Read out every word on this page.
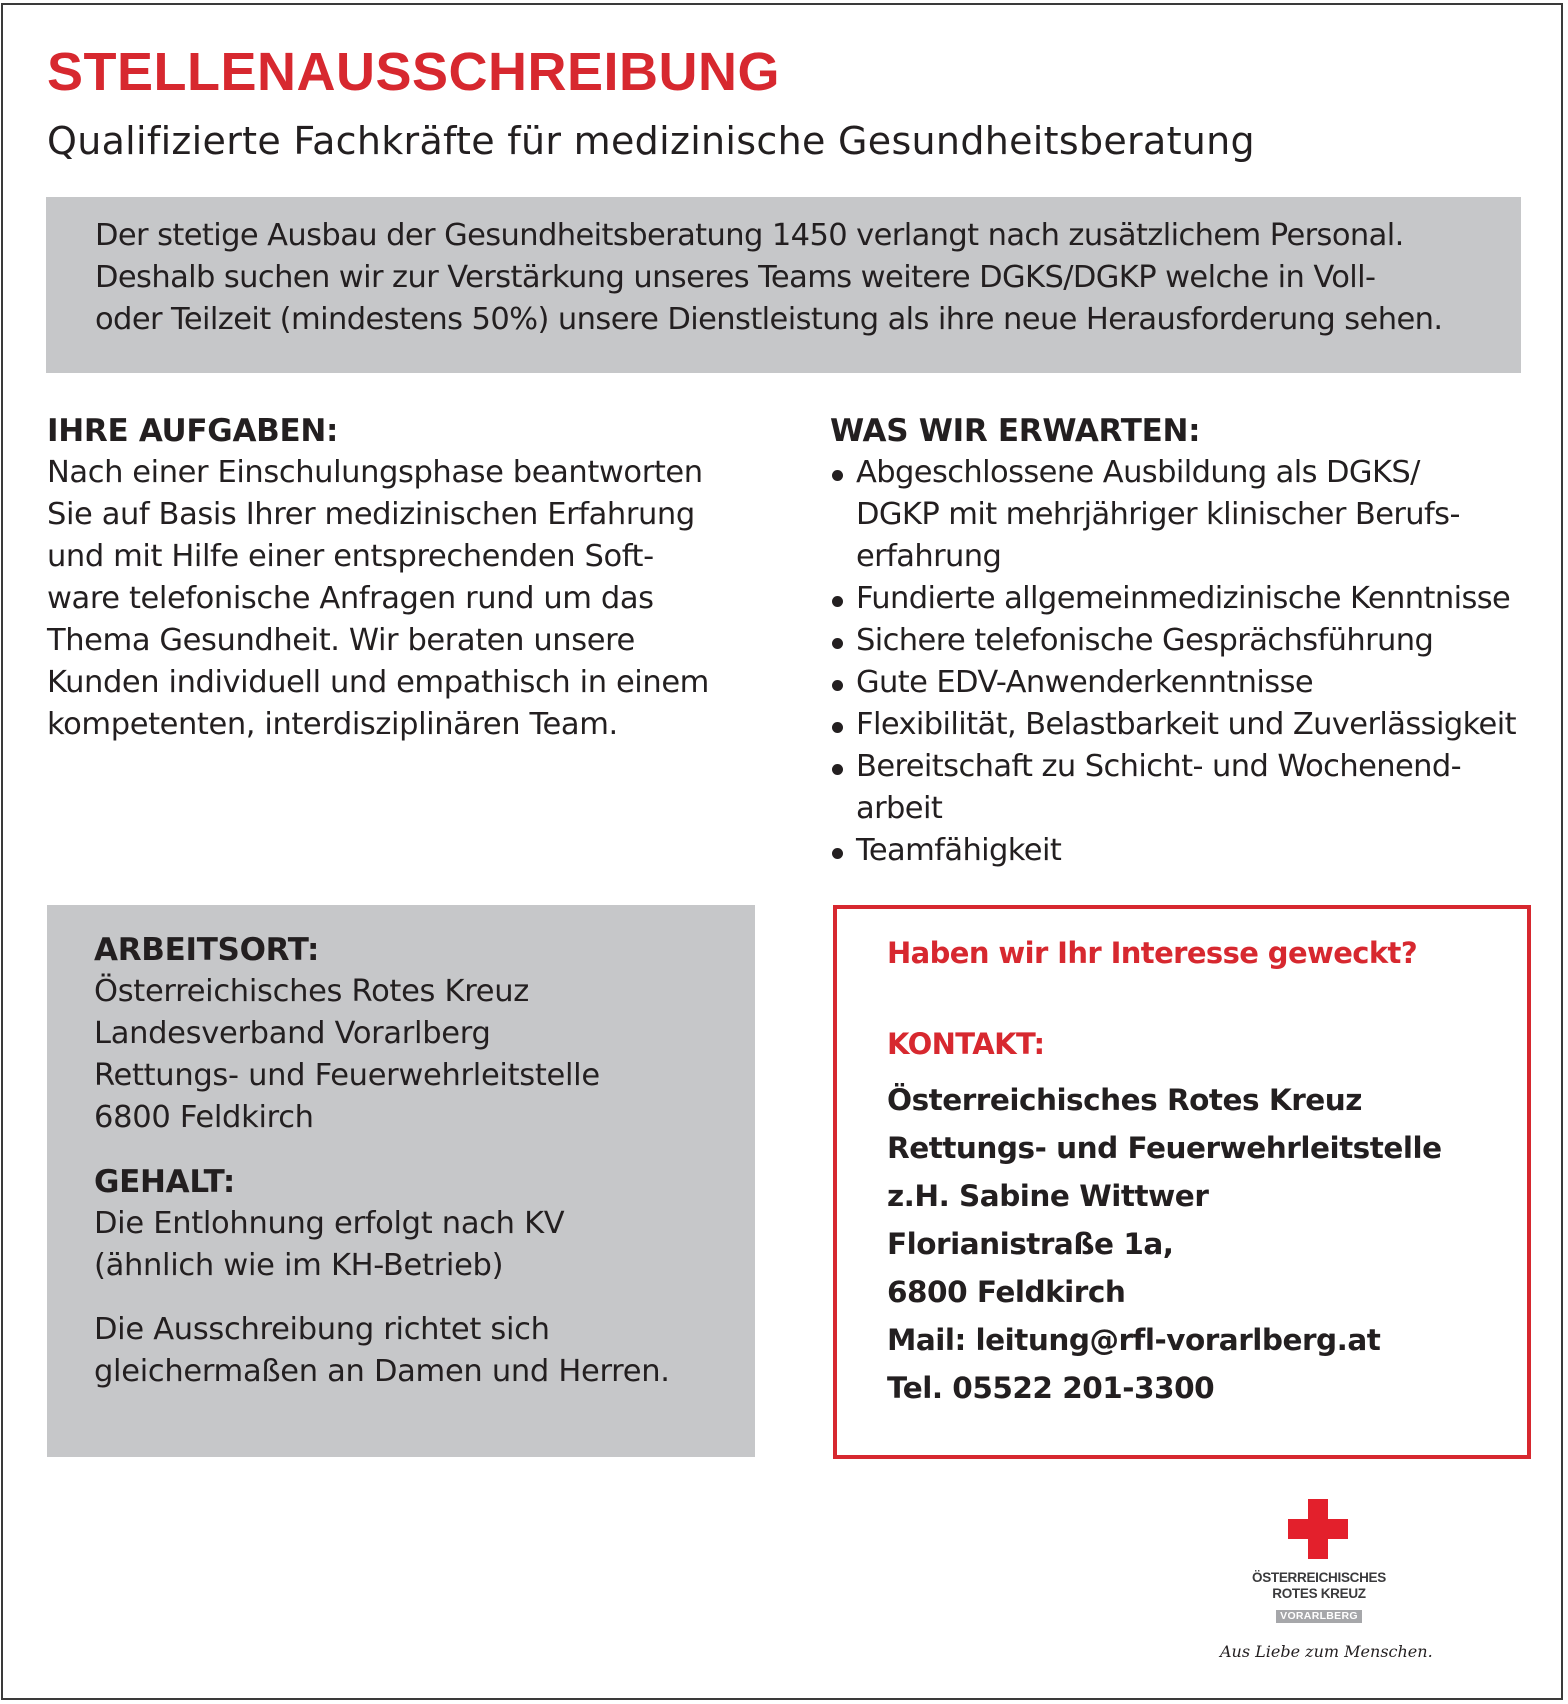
STELLENAUSSCHREIBUNG
Qualifizierte Fachkräfte für medizinische Gesundheitsberatung
Der stetige Ausbau der Gesundheitsberatung 1450 verlangt nach zusätzlichem Personal.
Deshalb suchen wir zur Verstärkung unseres Teams weitere DGKS/DGKP welche in Voll-
oder Teilzeit (mindestens 50%) unsere Dienstleistung als ihre neue Herausforderung sehen.
IHRE AUFGABEN:
Nach einer Einschulungsphase beantworten
Sie auf Basis Ihrer medizinischen Erfahrung
und mit Hilfe einer entsprechenden Soft-
ware telefonische Anfragen rund um das
Thema Gesundheit. Wir beraten unsere
Kunden individuell und empathisch in einem
kompetenten, interdisziplinären Team.
WAS WIR ERWARTEN:
Abgeschlossene Ausbildung als DGKS/
DGKP mit mehrjähriger klinischer Berufs-
erfahrung
Fundierte allgemeinmedizinische Kenntnisse
Sichere telefonische Gesprächsführung
Gute EDV-Anwenderkenntnisse
Flexibilität, Belastbarkeit und Zuverlässigkeit
Bereitschaft zu Schicht- und Wochenend-
arbeit
Teamfähigkeit
ARBEITSORT:
Österreichisches Rotes Kreuz
Landesverband Vorarlberg
Rettungs- und Feuerwehrleitstelle
6800 Feldkirch
GEHALT:
Die Entlohnung erfolgt nach KV
(ähnlich wie im KH-Betrieb)
Die Ausschreibung richtet sich
gleichermaßen an Damen und Herren.
Haben wir Ihr Interesse geweckt?
KONTAKT:
Österreichisches Rotes Kreuz
Rettungs- und Feuerwehrleitstelle
z.H. Sabine Wittwer
Florianistraße 1a,
6800 Feldkirch
Mail: leitung@rfl-vorarlberg.at
Tel. 05522 201-3300
ÖSTERREICHISCHES
ROTES KREUZ
VORARLBERG
Aus Liebe zum Menschen.
